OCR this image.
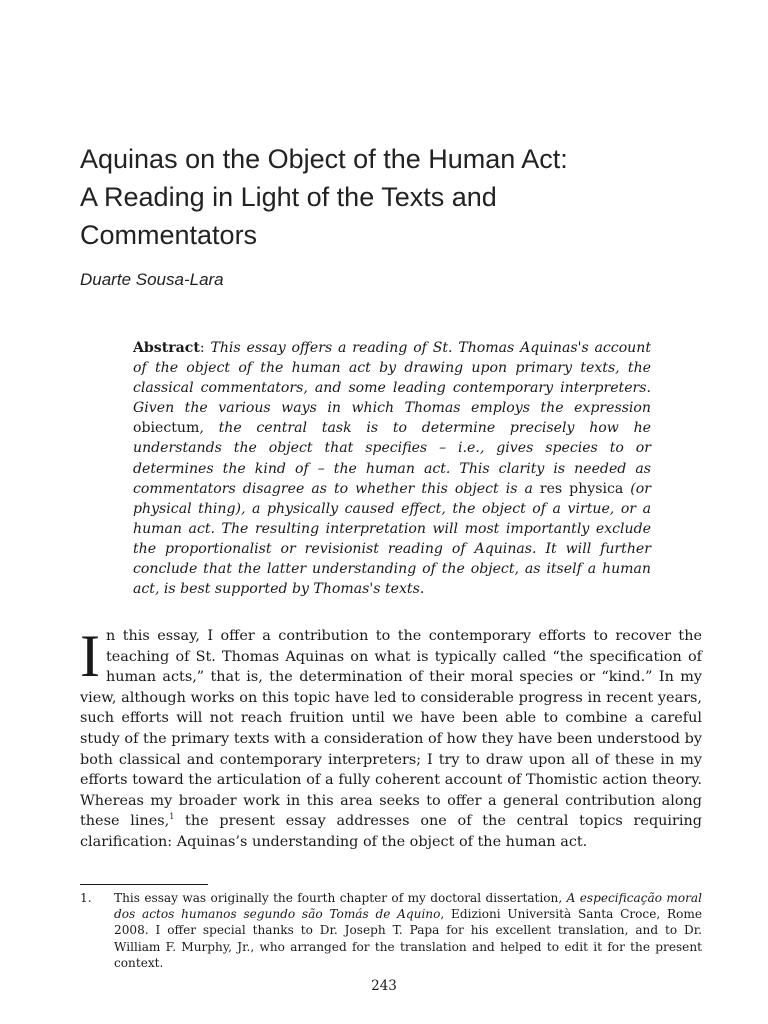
Aquinas on the Object of the Human Act:
A Reading in Light of the Texts and
Commentators
Duarte Sousa-Lara
Abstract: This essay offers a reading of St. Thomas Aquinas's account of the object of the human act by drawing upon primary texts, the classical commentators, and some leading contemporary interpreters. Given the various ways in which Thomas employs the expression obiectum, the central task is to determine precisely how he understands the object that specifies – i.e., gives species to or determines the kind of – the human act. This clarity is needed as commentators disagree as to whether this object is a res physica (or physical thing), a physically caused effect, the object of a virtue, or a human act. The resulting interpretation will most importantly exclude the proportionalist or revisionist reading of Aquinas. It will further conclude that the latter understanding of the object, as itself a human act, is best supported by Thomas's texts.

In this essay, I offer a contribution to the contemporary efforts to recover the teaching of St. Thomas Aquinas on what is typically called “the specification of human acts,” that is, the determination of their moral species or “kind.” In my view, although works on this topic have led to considerable progress in recent years, such efforts will not reach fruition until we have been able to combine a careful study of the primary texts with a consideration of how they have been understood by both classical and contemporary interpreters; I try to draw upon all of these in my efforts toward the articulation of a fully coherent account of Thomistic action theory. Whereas my broader work in this area seeks to offer a general contribution along these lines,$^1$ the present essay addresses one of the central topics requiring clarification: Aquinas’s understanding of the object of the human act.

1. This essay was originally the fourth chapter of my doctoral dissertation, A especificação moral dos actos humanos segundo são Tomás de Aquino, Edizioni Università Santa Croce, Rome 2008. I offer special thanks to Dr. Joseph T. Papa for his excellent translation, and to Dr. William F. Murphy, Jr., who arranged for the translation and helped to edit it for the present context.
243
